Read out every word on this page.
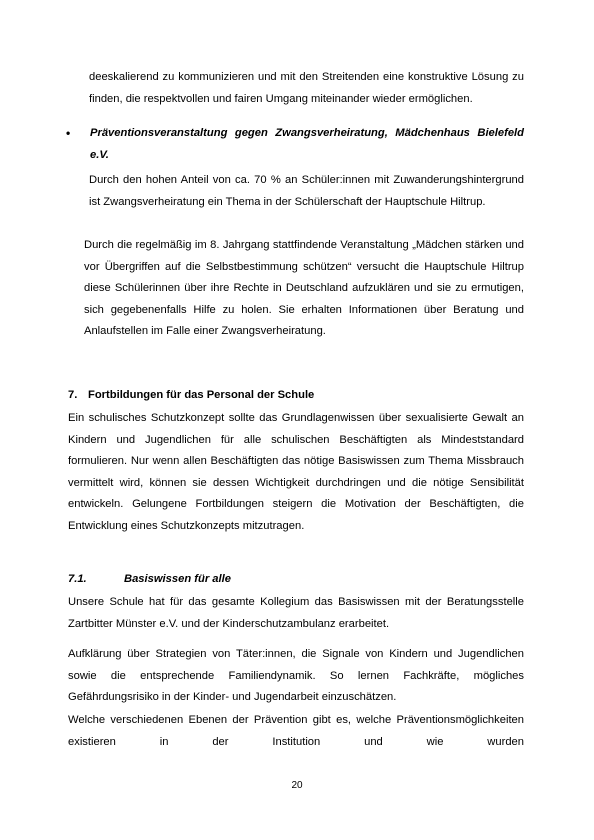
deeskalierend zu kommunizieren und mit den Streitenden eine konstruktive Lösung zu finden, die respektvollen und fairen Umgang miteinander wieder ermöglichen.

• Präventionsveranstaltung gegen Zwangsverheiratung, Mädchenhaus Bielefeld e.V.

Durch den hohen Anteil von ca. 70 % an Schüler:innen mit Zuwanderungshintergrund ist Zwangsverheiratung ein Thema in der Schülerschaft der Hauptschule Hiltrup.

Durch die regelmäßig im 8. Jahrgang stattfindende Veranstaltung „Mädchen stärken und vor Übergriffen auf die Selbstbestimmung schützen“ versucht die Hauptschule Hiltrup diese Schülerinnen über ihre Rechte in Deutschland aufzuklären und sie zu ermutigen, sich gegebenenfalls Hilfe zu holen. Sie erhalten Informationen über Beratung und Anlaufstellen im Falle einer Zwangsverheiratung.

7. Fortbildungen für das Personal der Schule

Ein schulisches Schutzkonzept sollte das Grundlagenwissen über sexualisierte Gewalt an Kindern und Jugendlichen für alle schulischen Beschäftigten als Mindeststandard formulieren. Nur wenn allen Beschäftigten das nötige Basiswissen zum Thema Missbrauch vermittelt wird, können sie dessen Wichtigkeit durchdringen und die nötige Sensibilität entwickeln. Gelungene Fortbildungen steigern die Motivation der Beschäftigten, die Entwicklung eines Schutzkonzepts mitzutragen.

7.1.	Basiswissen für alle

Unsere Schule hat für das gesamte Kollegium das Basiswissen mit der Beratungsstelle Zartbitter Münster e.V. und der Kinderschutzambulanz erarbeitet.

Aufklärung über Strategien von Täter:innen, die Signale von Kindern und Jugendlichen sowie die entsprechende Familiendynamik. So lernen Fachkräfte, mögliches Gefährdungsrisiko in der Kinder- und Jugendarbeit einzuschätzen.

Welche verschiedenen Ebenen der Prävention gibt es, welche Präventionsmöglichkeiten existieren in der Institution und wie wurden

20
